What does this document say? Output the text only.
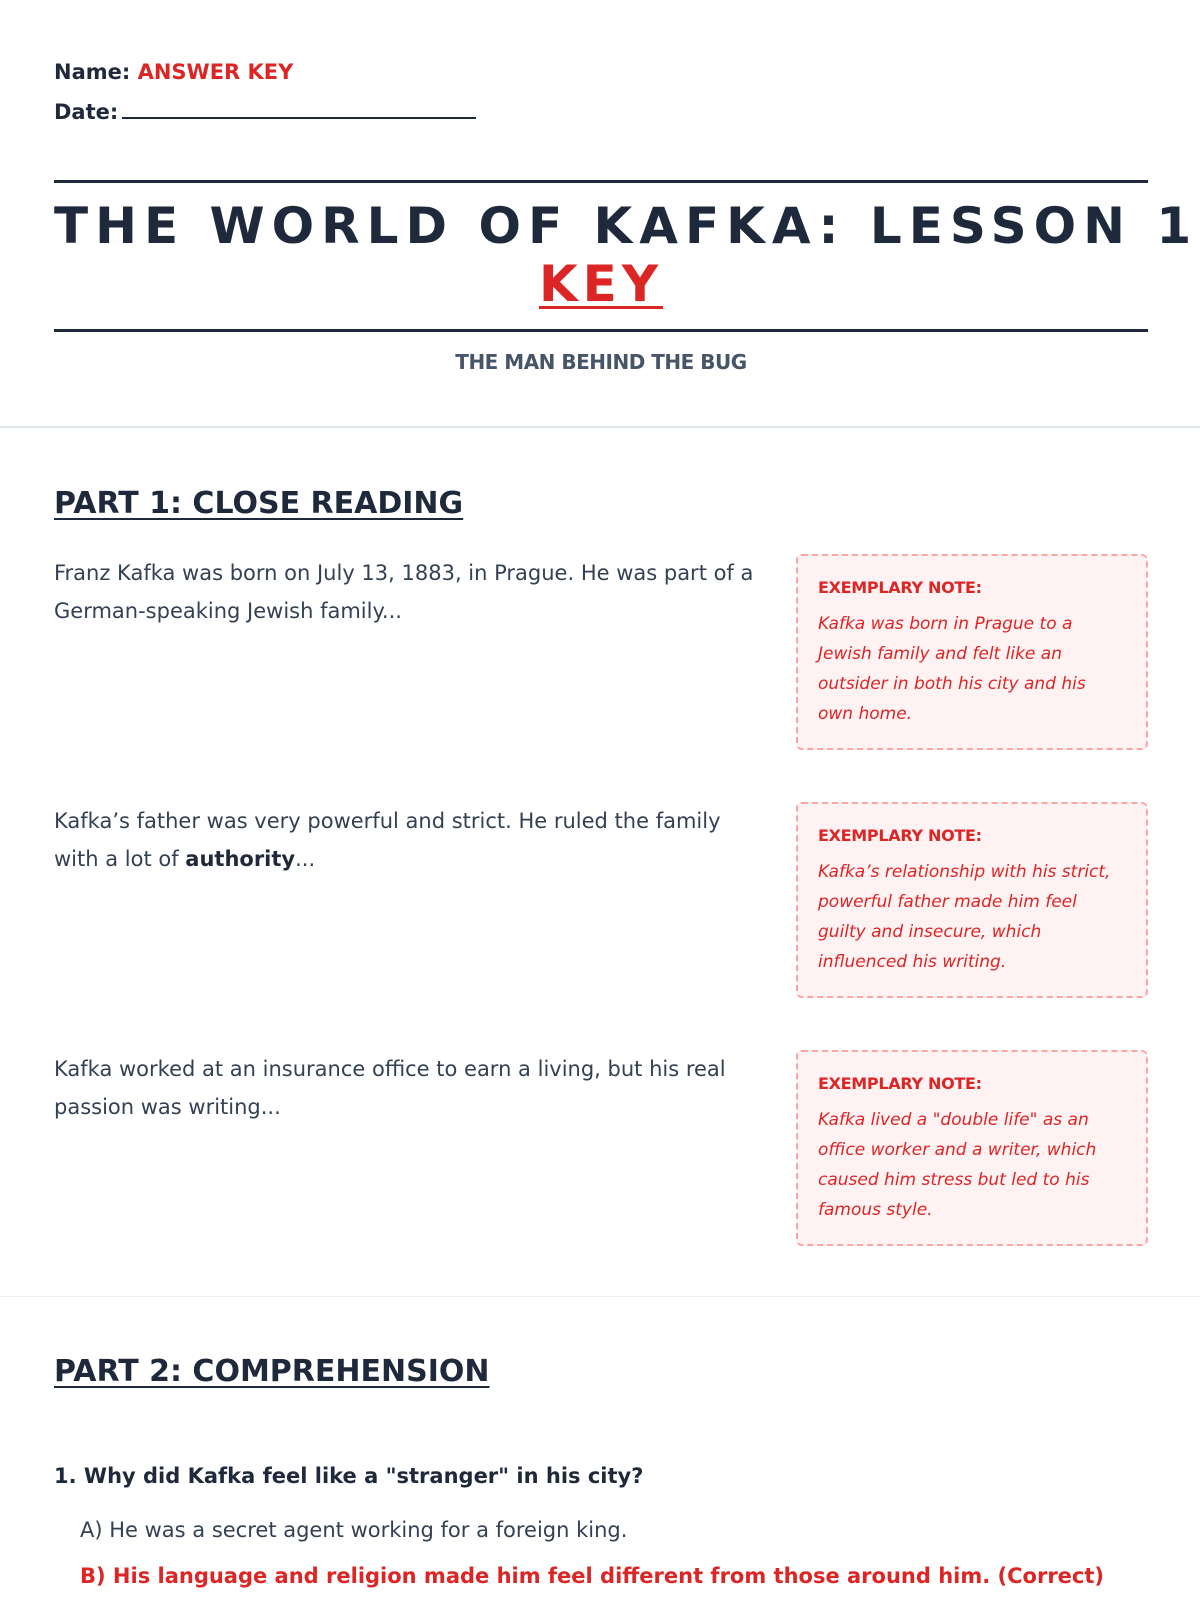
Name: ANSWER KEY
Date:
THE WORLD OF KAFKA: LESSON 1
KEY
THE MAN BEHIND THE BUG
PART 1: CLOSE READING
Franz Kafka was born on July 13, 1883, in Prague. He was part of a German-speaking Jewish family...
EXEMPLARY NOTE:
Kafka was born in Prague to a Jewish family and felt like an outsider in both his city and his own home.
Kafka’s father was very powerful and strict. He ruled the family with a lot of authority...
EXEMPLARY NOTE:
Kafka’s relationship with his strict, powerful father made him feel guilty and insecure, which influenced his writing.
Kafka worked at an insurance office to earn a living, but his real passion was writing...
EXEMPLARY NOTE:
Kafka lived a "double life" as an office worker and a writer, which caused him stress but led to his famous style.
PART 2: COMPREHENSION
1. Why did Kafka feel like a "stranger" in his city?
A) He was a secret agent working for a foreign king.
B) His language and religion made him feel different from those around him. (Correct)
